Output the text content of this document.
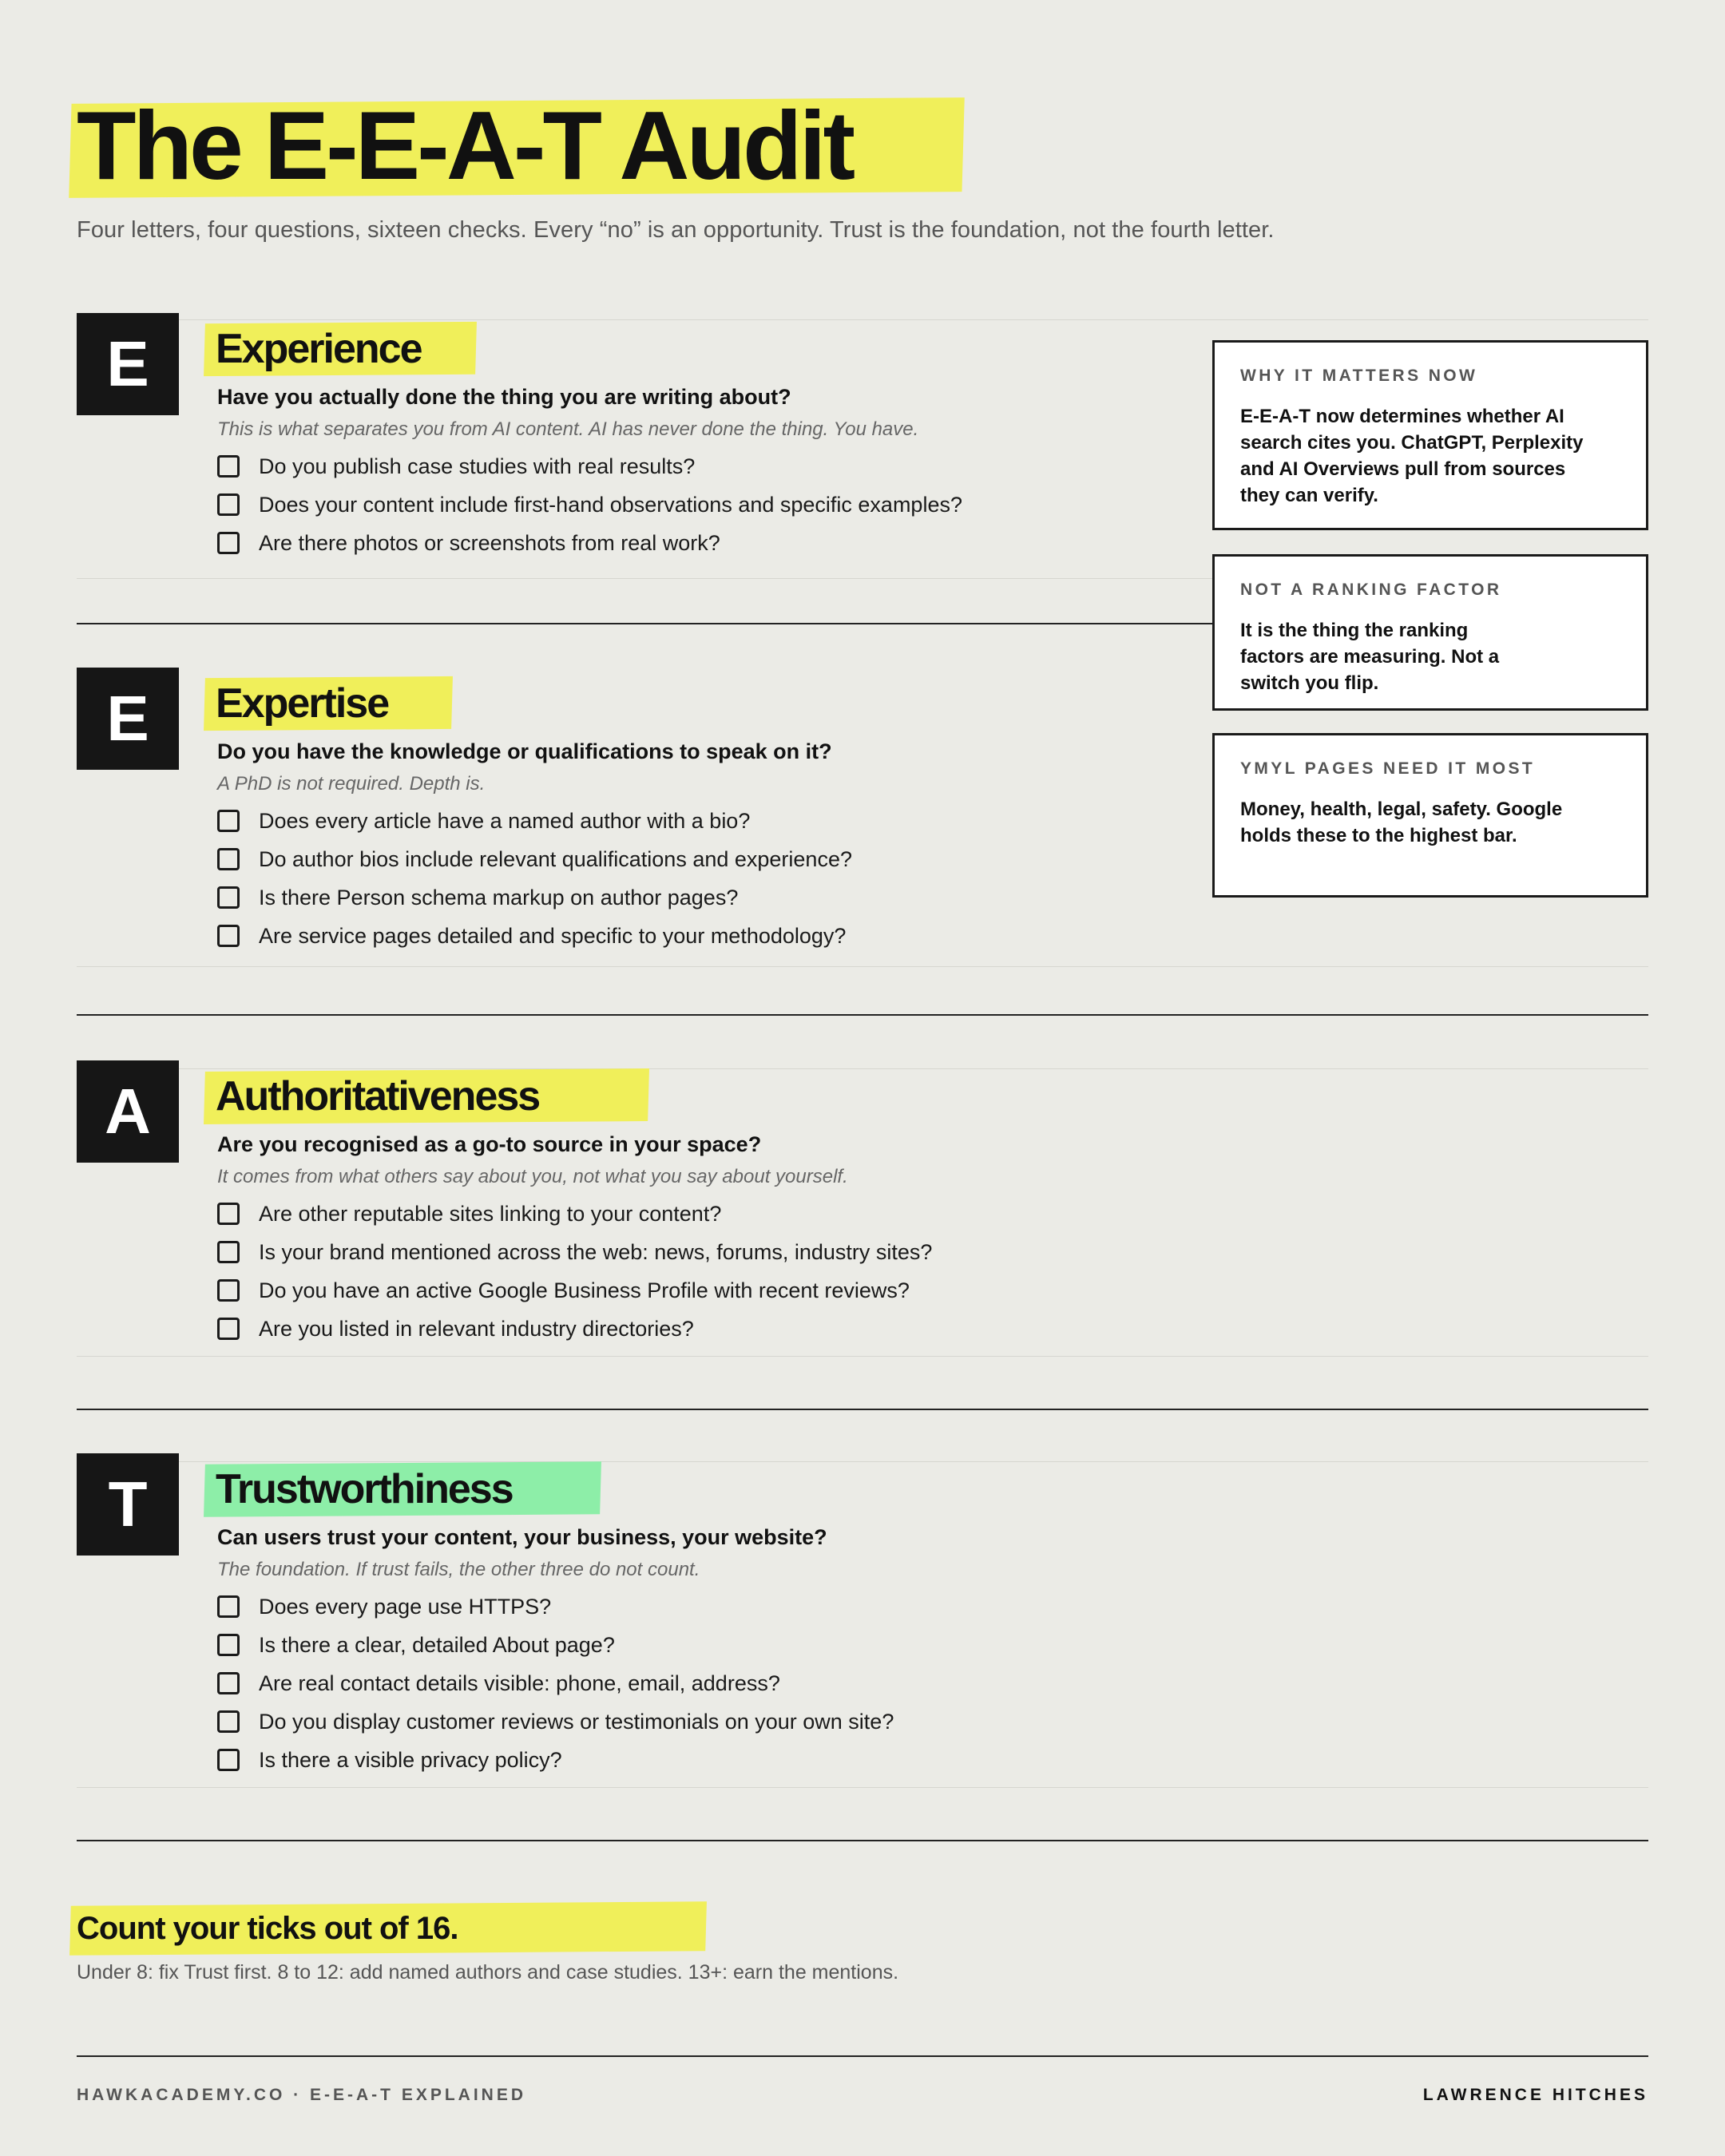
The E-E-A-T Audit
Four letters, four questions, sixteen checks. Every “no” is an opportunity. Trust is the foundation, not the fourth letter.
E	Experience
Have you actually done the thing you are writing about?
This is what separates you from AI content. AI has never done the thing. You have.
Do you publish case studies with real results?
Does your content include first-hand observations and specific examples?
Are there photos or screenshots from real work?
E	Expertise
Do you have the knowledge or qualifications to speak on it?
A PhD is not required. Depth is.
Does every article have a named author with a bio?
Do author bios include relevant qualifications and experience?
Is there Person schema markup on author pages?
Are service pages detailed and specific to your methodology?
A	Authoritativeness
Are you recognised as a go-to source in your space?
It comes from what others say about you, not what you say about yourself.
Are other reputable sites linking to your content?
Is your brand mentioned across the web: news, forums, industry sites?
Do you have an active Google Business Profile with recent reviews?
Are you listed in relevant industry directories?
T	Trustworthiness
Can users trust your content, your business, your website?
The foundation. If trust fails, the other three do not count.
Does every page use HTTPS?
Is there a clear, detailed About page?
Are real contact details visible: phone, email, address?
Do you display customer reviews or testimonials on your own site?
Is there a visible privacy policy?
WHY IT MATTERS NOW
E-E-A-T now determines whether AI search cites you. ChatGPT, Perplexity and AI Overviews pull from sources they can verify.
NOT A RANKING FACTOR
It is the thing the ranking factors are measuring. Not a switch you flip.
YMYL PAGES NEED IT MOST
Money, health, legal, safety. Google holds these to the highest bar.
Count your ticks out of 16.
Under 8: fix Trust first. 8 to 12: add named authors and case studies. 13+: earn the mentions.
HAWKACADEMY.CO · E-E-A-T EXPLAINED	LAWRENCE HITCHES
